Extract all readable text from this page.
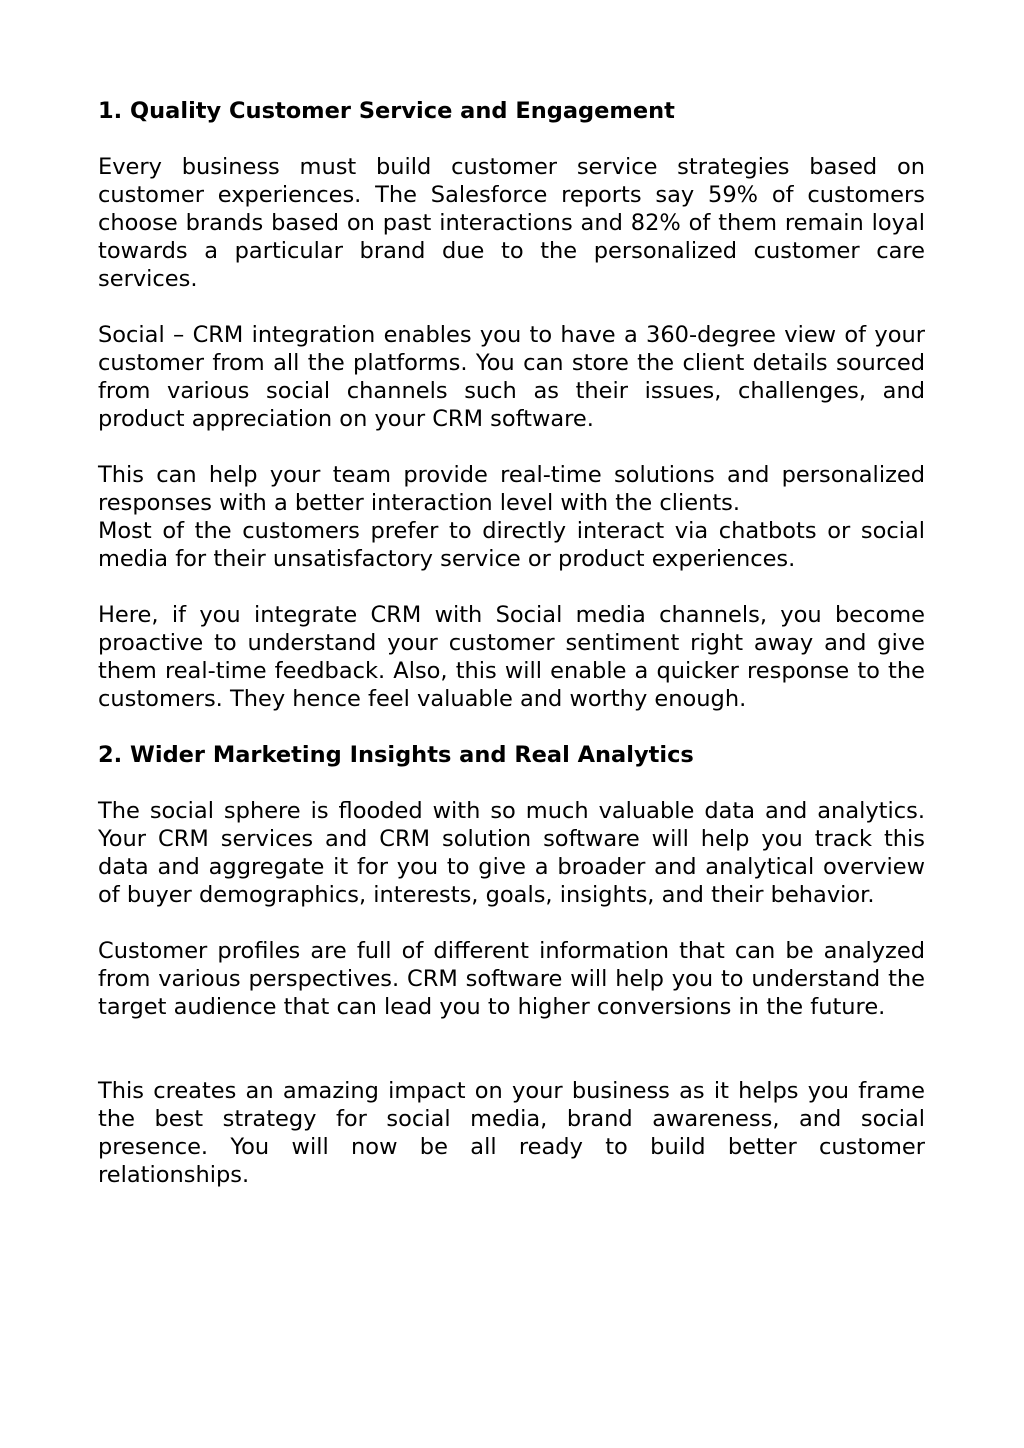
1. Quality Customer Service and Engagement

Every business must build customer service strategies based on customer experiences. The Salesforce reports say 59% of customers choose brands based on past interactions and 82% of them remain loyal towards a particular brand due to the personalized customer care services.

Social – CRM integration enables you to have a 360-degree view of your customer from all the platforms. You can store the client details sourced from various social channels such as their issues, challenges, and product appreciation on your CRM software.

This can help your team provide real-time solutions and personalized responses with a better interaction level with the clients.

Most of the customers prefer to directly interact via chatbots or social media for their unsatisfactory service or product experiences.

Here, if you integrate CRM with Social media channels, you become proactive to understand your customer sentiment right away and give them real-time feedback. Also, this will enable a quicker response to the customers. They hence feel valuable and worthy enough.

2. Wider Marketing Insights and Real Analytics

The social sphere is flooded with so much valuable data and analytics. Your CRM services and CRM solution software will help you track this data and aggregate it for you to give a broader and analytical overview of buyer demographics, interests, goals, insights, and their behavior.

Customer profiles are full of different information that can be analyzed from various perspectives. CRM software will help you to understand the target audience that can lead you to higher conversions in the future.

This creates an amazing impact on your business as it helps you frame the best strategy for social media, brand awareness, and social presence. You will now be all ready to build better customer relationships.
